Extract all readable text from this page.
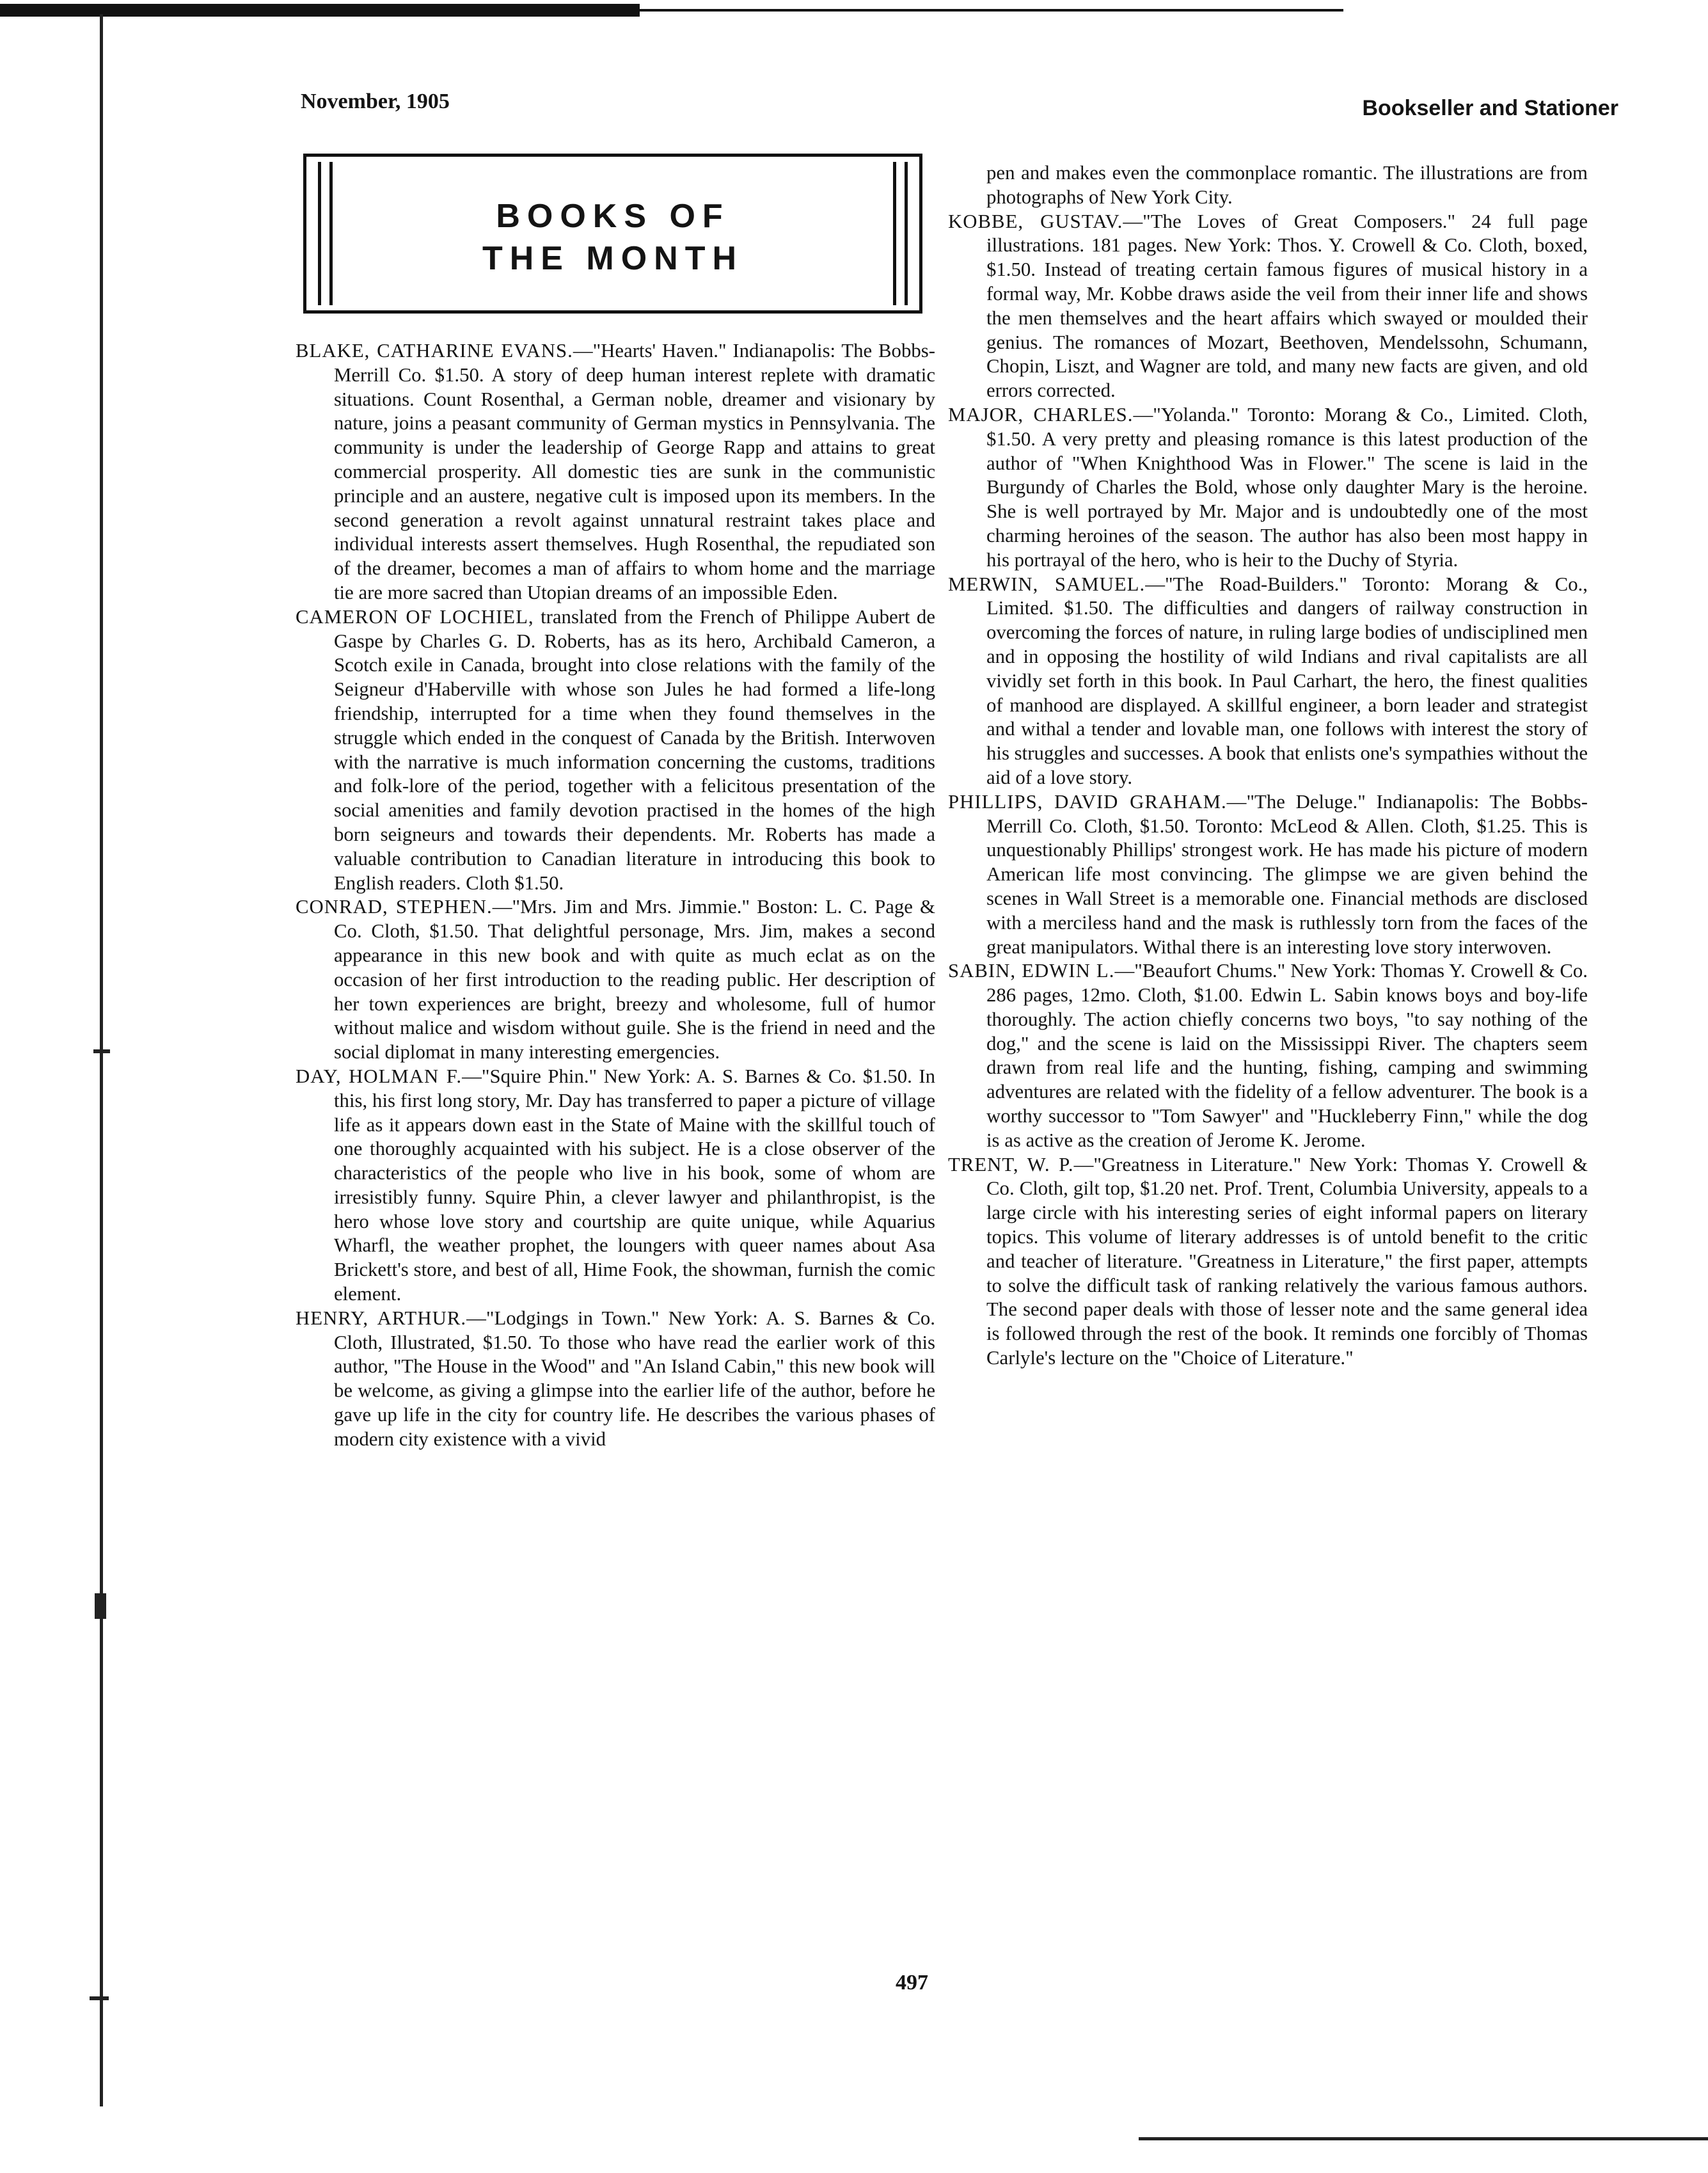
November, 1905	Bookseller and Stationer
BOOKS OF
THE MONTH

BLAKE, CATHARINE EVANS.—"Hearts' Haven." Indianapolis: The Bobbs-Merrill Co. $1.50. A story of deep human interest replete with dramatic situations. Count Rosenthal, a German noble, dreamer and visionary by nature, joins a peasant community of German mystics in Pennsylvania. The community is under the leadership of George Rapp and attains to great commercial prosperity. All domestic ties are sunk in the communistic principle and an austere, negative cult is imposed upon its members. In the second generation a revolt against unnatural restraint takes place and individual interests assert themselves. Hugh Rosenthal, the repudiated son of the dreamer, becomes a man of affairs to whom home and the marriage tie are more sacred than Utopian dreams of an impossible Eden.

CAMERON OF LOCHIEL, translated from the French of Philippe Aubert de Gaspe by Charles G. D. Roberts, has as its hero, Archibald Cameron, a Scotch exile in Canada, brought into close relations with the family of the Seigneur d'Haberville with whose son Jules he had formed a life-long friendship, interrupted for a time when they found themselves in the struggle which ended in the conquest of Canada by the British. Interwoven with the narrative is much information concerning the customs, traditions and folk-lore of the period, together with a felicitous presentation of the social amenities and family devotion practised in the homes of the high born seigneurs and towards their dependents. Mr. Roberts has made a valuable contribution to Canadian literature in introducing this book to English readers. Cloth $1.50.

CONRAD, STEPHEN.—"Mrs. Jim and Mrs. Jimmie." Boston: L. C. Page & Co. Cloth, $1.50. That delightful personage, Mrs. Jim, makes a second appearance in this new book and with quite as much eclat as on the occasion of her first introduction to the reading public. Her description of her town experiences are bright, breezy and wholesome, full of humor without malice and wisdom without guile. She is the friend in need and the social diplomat in many interesting emergencies.

DAY, HOLMAN F.—"Squire Phin." New York: A. S. Barnes & Co. $1.50. In this, his first long story, Mr. Day has transferred to paper a picture of village life as it appears down east in the State of Maine with the skillful touch of one thoroughly acquainted with his subject. He is a close observer of the characteristics of the people who live in his book, some of whom are irresistibly funny. Squire Phin, a clever lawyer and philanthropist, is the hero whose love story and courtship are quite unique, while Aquarius Wharfl, the weather prophet, the loungers with queer names about Asa Brickett's store, and best of all, Hime Fook, the showman, furnish the comic element.

HENRY, ARTHUR.—"Lodgings in Town." New York: A. S. Barnes & Co. Cloth, Illustrated, $1.50. To those who have read the earlier work of this author, "The House in the Wood" and "An Island Cabin," this new book will be welcome, as giving a glimpse into the earlier life of the author, before he gave up life in the city for country life. He describes the various phases of modern city existence with a vivid

pen and makes even the commonplace romantic. The illustrations are from photographs of New York City.

KOBBE, GUSTAV.—"The Loves of Great Composers." 24 full page illustrations. 181 pages. New York: Thos. Y. Crowell & Co. Cloth, boxed, $1.50. Instead of treating certain famous figures of musical history in a formal way, Mr. Kobbe draws aside the veil from their inner life and shows the men themselves and the heart affairs which swayed or moulded their genius. The romances of Mozart, Beethoven, Mendelssohn, Schumann, Chopin, Liszt, and Wagner are told, and many new facts are given, and old errors corrected.

MAJOR, CHARLES.—"Yolanda." Toronto: Morang & Co., Limited. Cloth, $1.50. A very pretty and pleasing romance is this latest production of the author of "When Knighthood Was in Flower." The scene is laid in the Burgundy of Charles the Bold, whose only daughter Mary is the heroine. She is well portrayed by Mr. Major and is undoubtedly one of the most charming heroines of the season. The author has also been most happy in his portrayal of the hero, who is heir to the Duchy of Styria.

MERWIN, SAMUEL.—"The Road-Builders." Toronto: Morang & Co., Limited. $1.50. The difficulties and dangers of railway construction in overcoming the forces of nature, in ruling large bodies of undisciplined men and in opposing the hostility of wild Indians and rival capitalists are all vividly set forth in this book. In Paul Carhart, the hero, the finest qualities of manhood are displayed. A skillful engineer, a born leader and strategist and withal a tender and lovable man, one follows with interest the story of his struggles and successes. A book that enlists one's sympathies without the aid of a love story.

PHILLIPS, DAVID GRAHAM.—"The Deluge." Indianapolis: The Bobbs-Merrill Co. Cloth, $1.50. Toronto: McLeod & Allen. Cloth, $1.25. This is unquestionably Phillips' strongest work. He has made his picture of modern American life most convincing. The glimpse we are given behind the scenes in Wall Street is a memorable one. Financial methods are disclosed with a merciless hand and the mask is ruthlessly torn from the faces of the great manipulators. Withal there is an interesting love story interwoven.

SABIN, EDWIN L.—"Beaufort Chums." New York: Thomas Y. Crowell & Co. 286 pages, 12mo. Cloth, $1.00. Edwin L. Sabin knows boys and boy-life thoroughly. The action chiefly concerns two boys, "to say nothing of the dog," and the scene is laid on the Mississippi River. The chapters seem drawn from real life and the hunting, fishing, camping and swimming adventures are related with the fidelity of a fellow adventurer. The book is a worthy successor to "Tom Sawyer" and "Huckleberry Finn," while the dog is as active as the creation of Jerome K. Jerome.

TRENT, W. P.—"Greatness in Literature." New York: Thomas Y. Crowell & Co. Cloth, gilt top, $1.20 net. Prof. Trent, Columbia University, appeals to a large circle with his interesting series of eight informal papers on literary topics. This volume of literary addresses is of untold benefit to the critic and teacher of literature. "Greatness in Literature," the first paper, attempts to solve the difficult task of ranking relatively the various famous authors. The second paper deals with those of lesser note and the same general idea is followed through the rest of the book. It reminds one forcibly of Thomas Carlyle's lecture on the "Choice of Literature."

497
